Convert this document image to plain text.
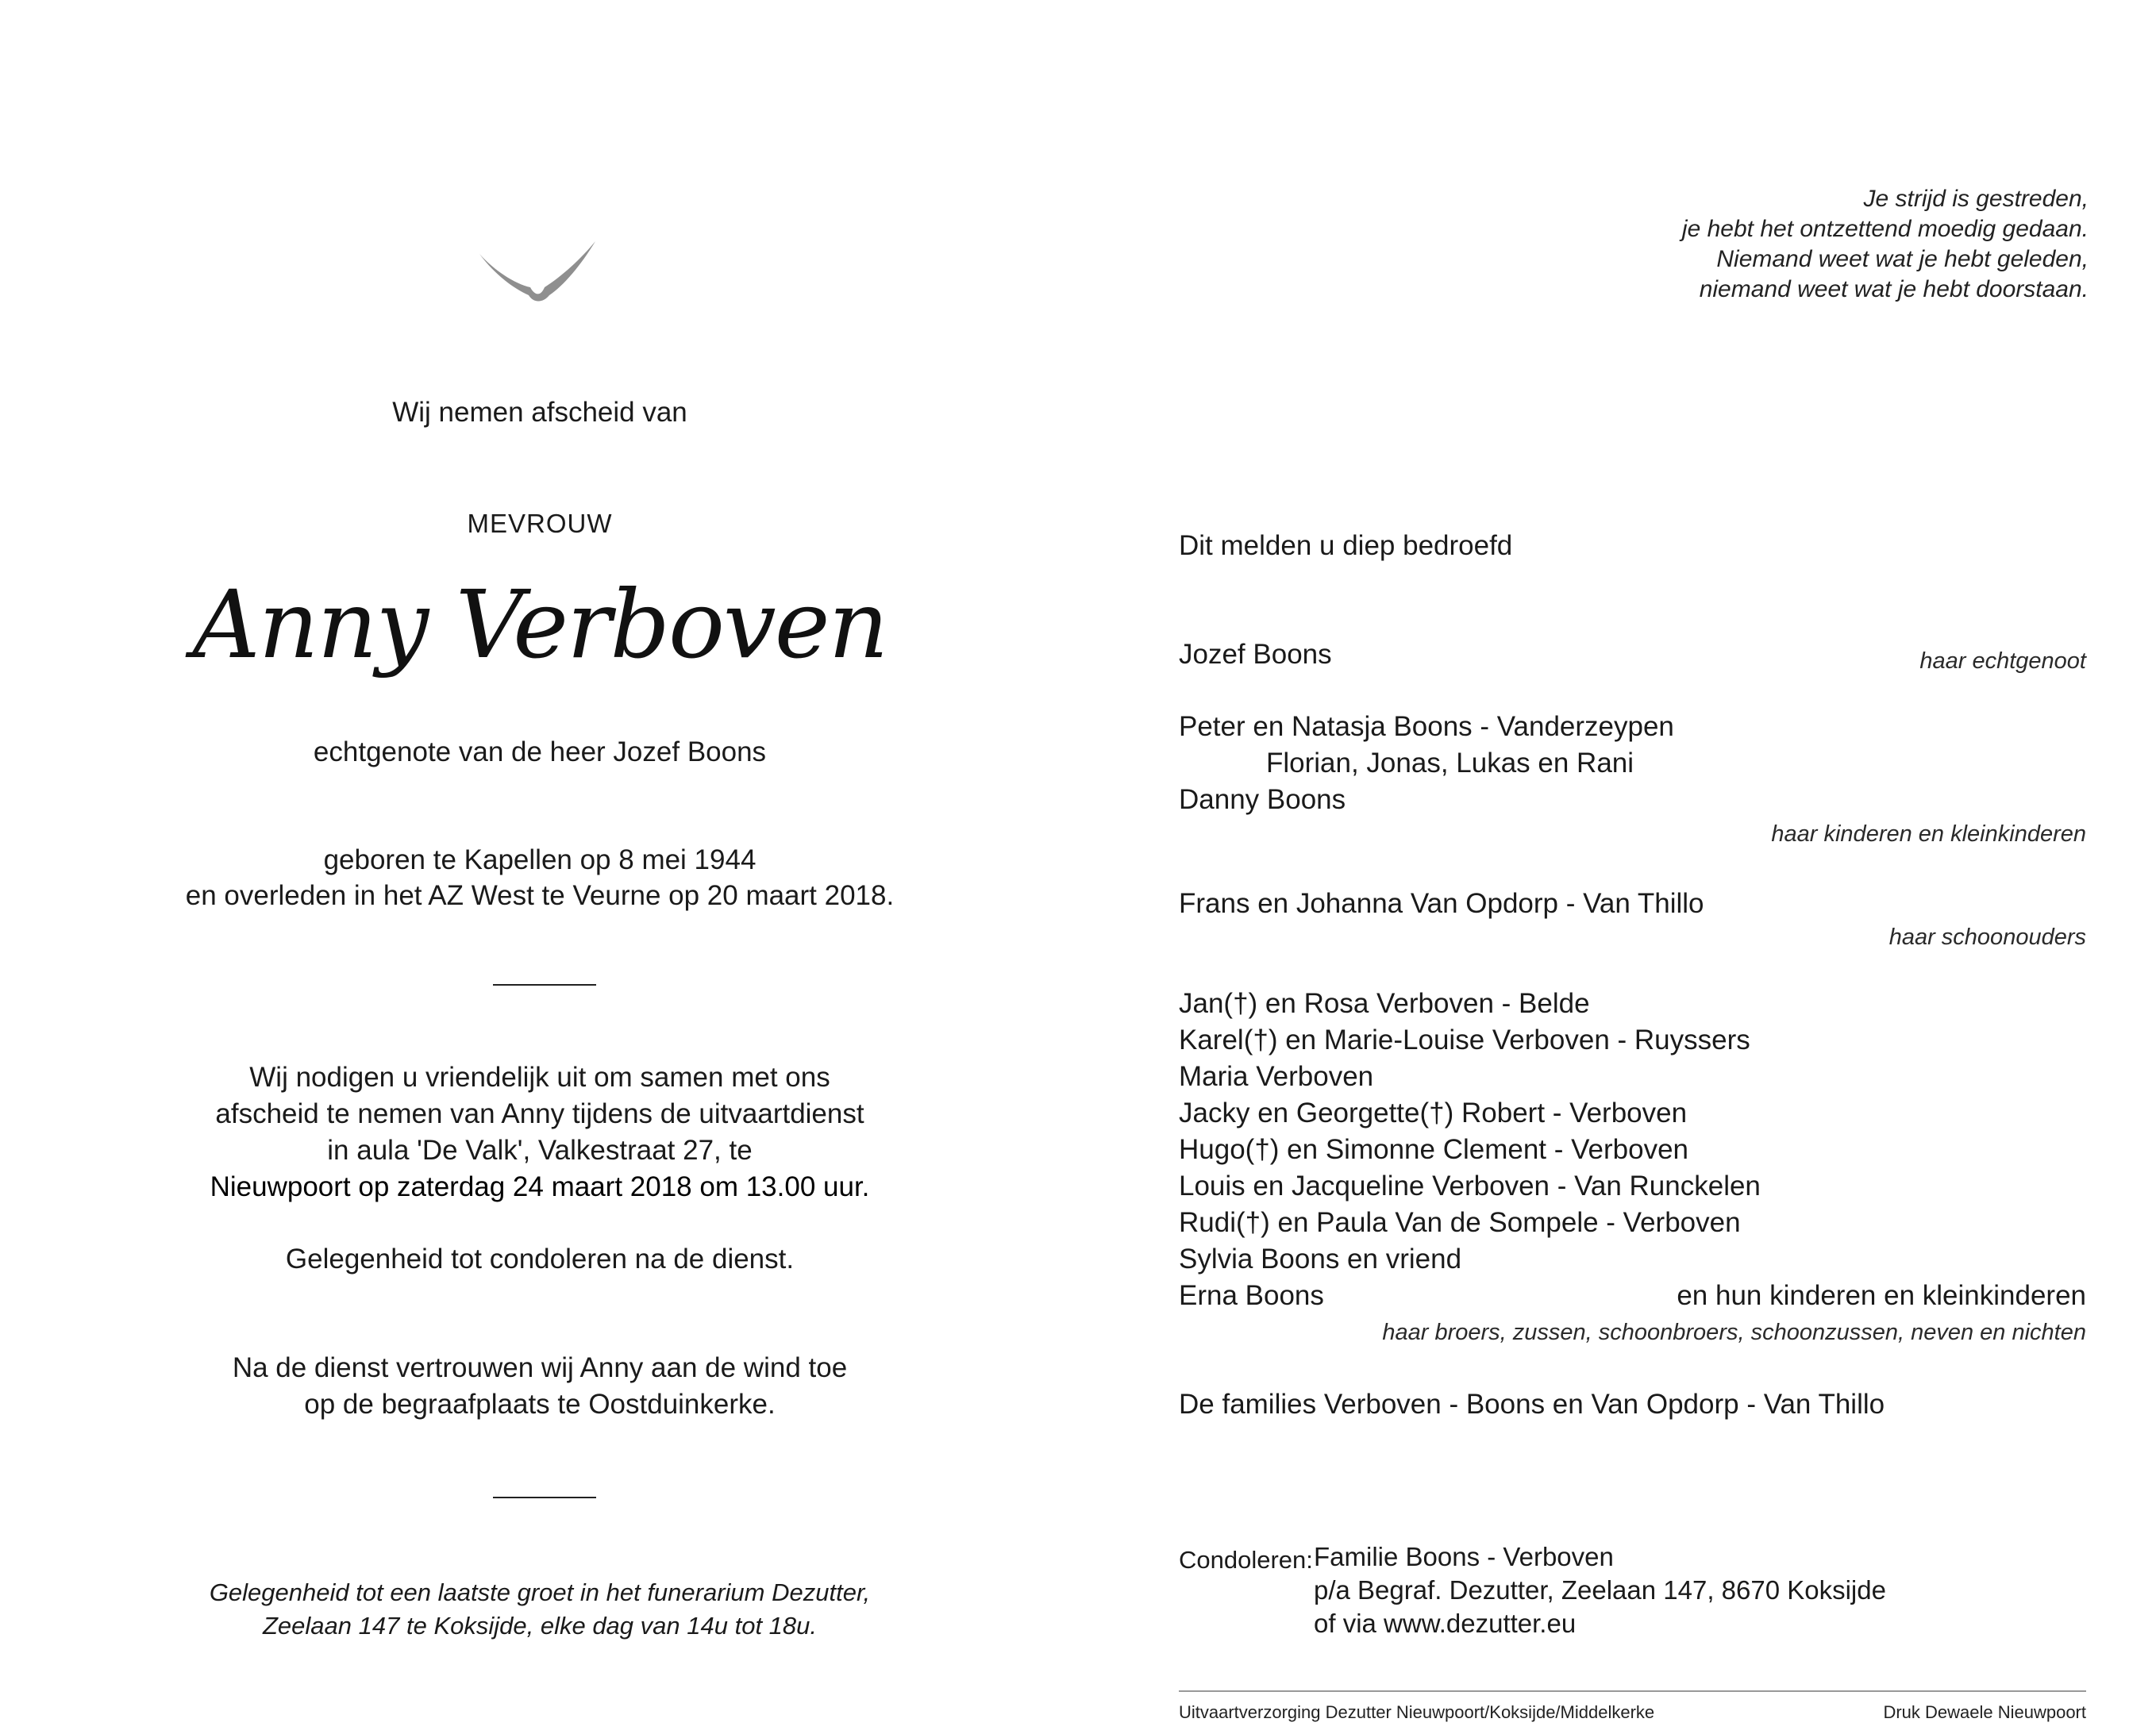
Wij nemen afscheid van
MEVROUW
Anny Verboven
echtgenote van de heer Jozef Boons
geboren te Kapellen op 8 mei 1944
en overleden in het AZ West te Veurne op 20 maart 2018.
Wij nodigen u vriendelijk uit om samen met ons
afscheid te nemen van Anny tijdens de uitvaartdienst
in aula 'De Valk', Valkestraat 27, te
Nieuwpoort op zaterdag 24 maart 2018 om 13.00 uur.
Gelegenheid tot condoleren na de dienst.
Na de dienst vertrouwen wij Anny aan de wind toe
op de begraafplaats te Oostduinkerke.
Gelegenheid tot een laatste groet in het funerarium Dezutter,
Zeelaan 147 te Koksijde, elke dag van 14u tot 18u.
Je strijd is gestreden,
je hebt het ontzettend moedig gedaan.
Niemand weet wat je hebt geleden,
niemand weet wat je hebt doorstaan.
Dit melden u diep bedroefd
Jozef Boons	haar echtgenoot
Peter en Natasja Boons - Vanderzeypen
Florian, Jonas, Lukas en Rani
Danny Boons
haar kinderen en kleinkinderen
Frans en Johanna Van Opdorp - Van Thillo
haar schoonouders
Jan(†) en Rosa Verboven - Belde
Karel(†) en Marie-Louise Verboven - Ruyssers
Maria Verboven
Jacky en Georgette(†) Robert - Verboven
Hugo(†) en Simonne Clement - Verboven
Louis en Jacqueline Verboven - Van Runckelen
Rudi(†) en Paula Van de Sompele - Verboven
Sylvia Boons en vriend
Erna Boons	en hun kinderen en kleinkinderen
haar broers, zussen, schoonbroers, schoonzussen, neven en nichten
De families Verboven - Boons en Van Opdorp - Van Thillo
Condoleren: Familie Boons - Verboven
p/a Begraf. Dezutter, Zeelaan 147, 8670 Koksijde
of via www.dezutter.eu
Uitvaartverzorging Dezutter Nieuwpoort/Koksijde/Middelkerke	Druk Dewaele Nieuwpoort
